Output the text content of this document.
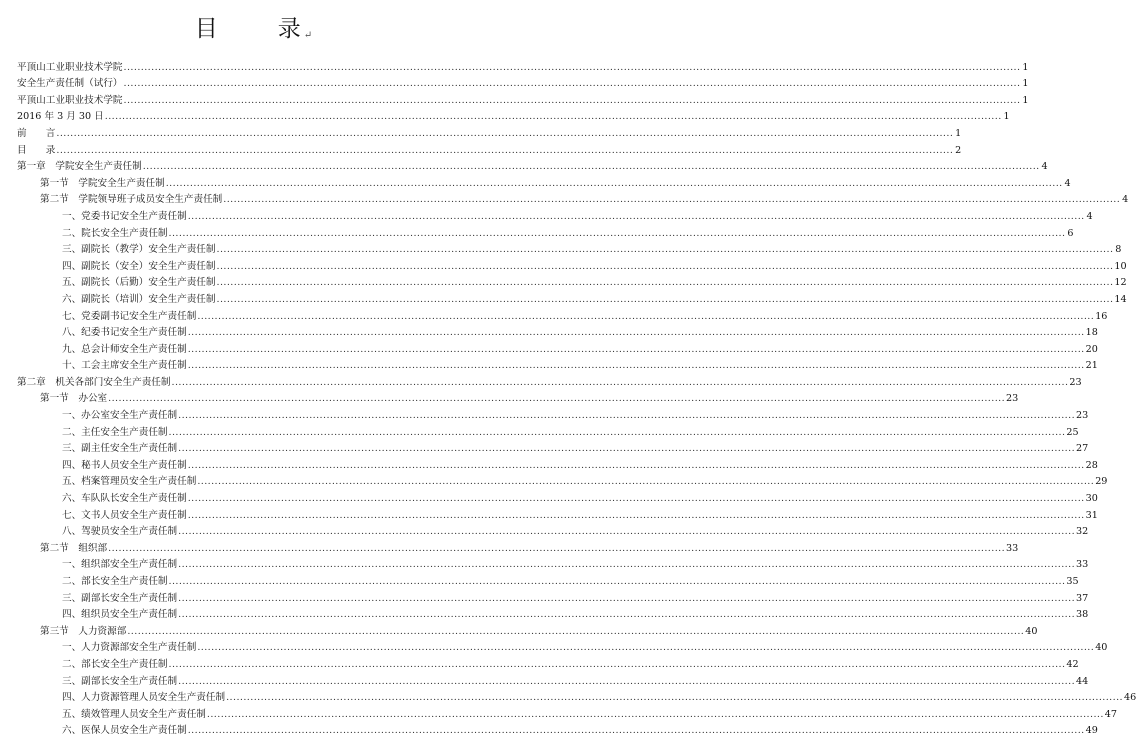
目	录↵
平顶山工业职业技术学院 .................................................................................................................................................................................................................................................................... 1
安全生产责任制（试行） .................................................................................................................................................................................................................................................................... 1
平顶山工业职业技术学院 .................................................................................................................................................................................................................................................................... 1
2016 年 3 月 30 日 .................................................................................................................................................................................................................................................................... 1
前　　言 .................................................................................................................................................................................................................................................................... 1
目　　录 .................................................................................................................................................................................................................................................................... 2
第一章　学院安全生产责任制 .................................................................................................................................................................................................................................................................... 4
第一节　学院安全生产责任制 .................................................................................................................................................................................................................................................................... 4
第二节　学院领导班子成员安全生产责任制 .................................................................................................................................................................................................................................................................... 4
一、党委书记安全生产责任制 .................................................................................................................................................................................................................................................................... 4
二、院长安全生产责任制 .................................................................................................................................................................................................................................................................... 6
三、副院长（教学）安全生产责任制 .................................................................................................................................................................................................................................................................... 8
四、副院长（安全）安全生产责任制 .................................................................................................................................................................................................................................................................... 10
五、副院长（后勤）安全生产责任制 .................................................................................................................................................................................................................................................................... 12
六、副院长（培训）安全生产责任制 .................................................................................................................................................................................................................................................................... 14
七、党委副书记安全生产责任制 .................................................................................................................................................................................................................................................................... 16
八、纪委书记安全生产责任制 .................................................................................................................................................................................................................................................................... 18
九、总会计师安全生产责任制 .................................................................................................................................................................................................................................................................... 20
十、工会主席安全生产责任制 .................................................................................................................................................................................................................................................................... 21
第二章　机关各部门安全生产责任制 .................................................................................................................................................................................................................................................................... 23
第一节　办公室 .................................................................................................................................................................................................................................................................... 23
一、办公室安全生产责任制 .................................................................................................................................................................................................................................................................... 23
二、主任安全生产责任制 .................................................................................................................................................................................................................................................................... 25
三、副主任安全生产责任制 .................................................................................................................................................................................................................................................................... 27
四、秘书人员安全生产责任制 .................................................................................................................................................................................................................................................................... 28
五、档案管理员安全生产责任制 .................................................................................................................................................................................................................................................................... 29
六、车队队长安全生产责任制 .................................................................................................................................................................................................................................................................... 30
七、文书人员安全生产责任制 .................................................................................................................................................................................................................................................................... 31
八、驾驶员安全生产责任制 .................................................................................................................................................................................................................................................................... 32
第二节　组织部 .................................................................................................................................................................................................................................................................... 33
一、组织部安全生产责任制 .................................................................................................................................................................................................................................................................... 33
二、部长安全生产责任制 .................................................................................................................................................................................................................................................................... 35
三、副部长安全生产责任制 .................................................................................................................................................................................................................................................................... 37
四、组织员安全生产责任制 .................................................................................................................................................................................................................................................................... 38
第三节　人力资源部 .................................................................................................................................................................................................................................................................... 40
一、人力资源部安全生产责任制 .................................................................................................................................................................................................................................................................... 40
二、部长安全生产责任制 .................................................................................................................................................................................................................................................................... 42
三、副部长安全生产责任制 .................................................................................................................................................................................................................................................................... 44
四、人力资源管理人员安全生产责任制 .................................................................................................................................................................................................................................................................... 46
五、绩效管理人员安全生产责任制 .................................................................................................................................................................................................................................................................... 47
六、医保人员安全生产责任制 .................................................................................................................................................................................................................................................................... 49
